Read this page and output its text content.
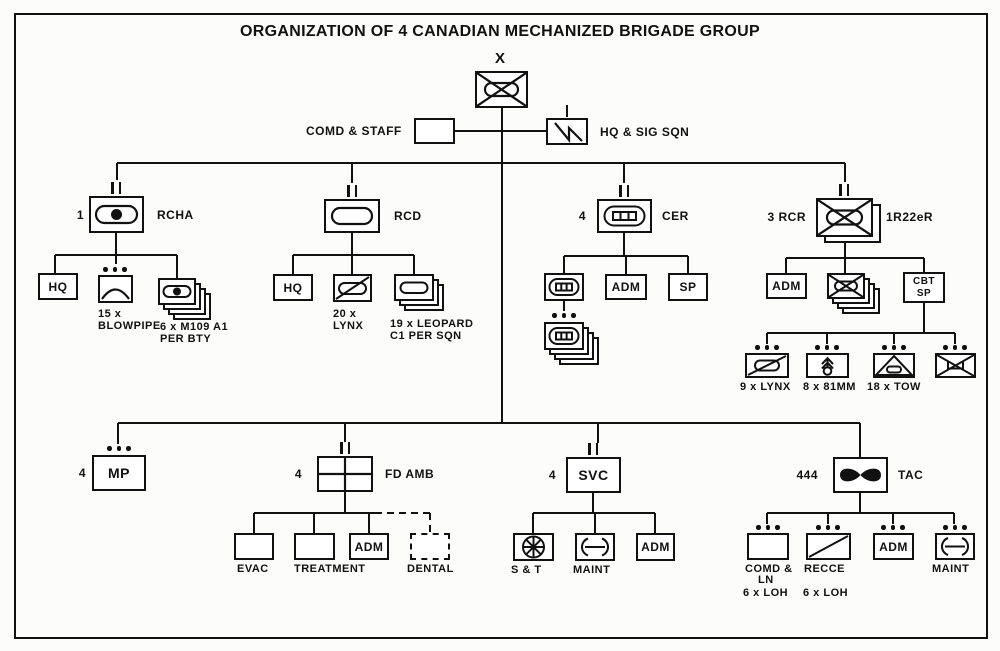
ORGANIZATION OF 4 CANADIAN MECHANIZED BRIGADE GROUP
X
COMD & STAFF	HQ & SIG SQN
1	RCHA
HQ
15 x
BLOWPIPE 6 x M109 A1
PER BTY
RCD
HQ
20 x
LYNX 19 x LEOPARD
C1 PER SQN
4	CER
ADM	SP
3 RCR	1R22eR
ADM	CBT
SP
9 x LYNX 8 x 81MM 18 x TOW
4 MP	4	FD AMB
EVAC TREATMENT
ADM
DENTAL
4 SVC
S & T	MAINT
ADM
444	TAC
COMD &
LN
6 x LOH
RECCE
6 x LOH
ADM
MAINT
